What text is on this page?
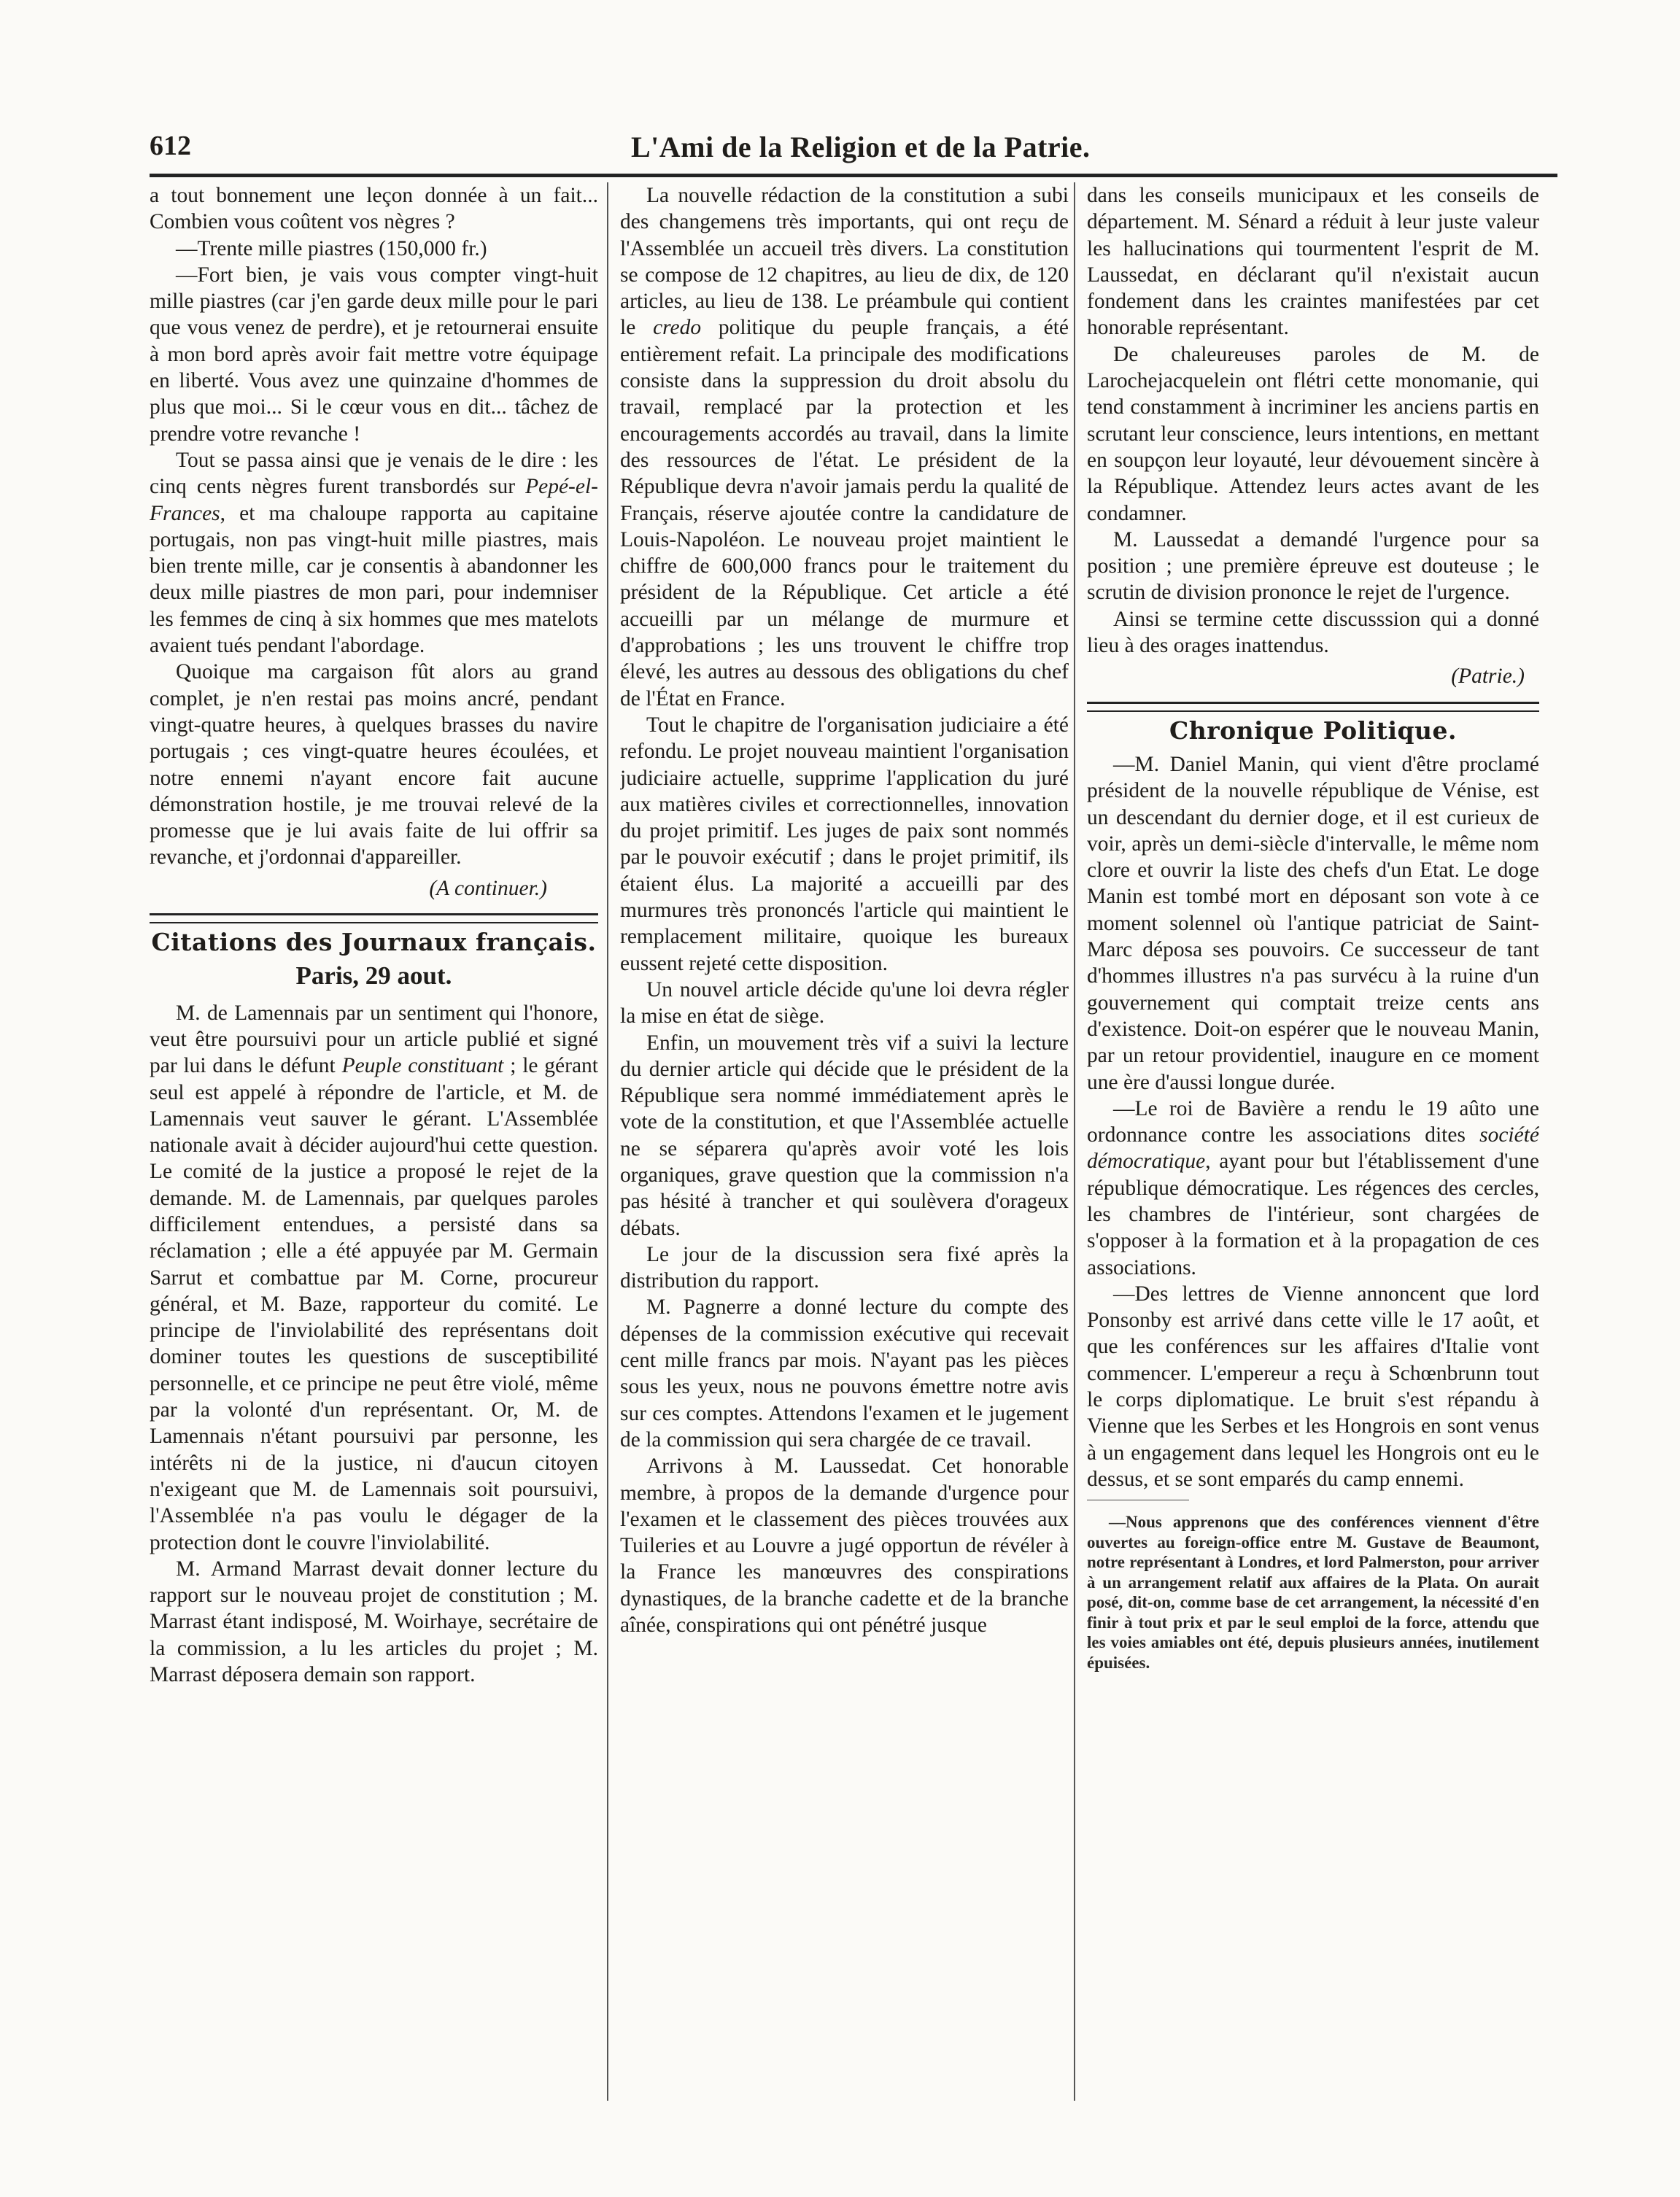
612	L'Ami de la Religion et de la Patrie.

a tout bonnement une leçon donnée à un fait... Combien vous coûtent vos nègres ?

—Trente mille piastres (150,000 fr.)

—Fort bien, je vais vous compter vingt-huit mille piastres (car j'en garde deux mille pour le pari que vous venez de perdre), et je retournerai ensuite à mon bord après avoir fait mettre votre équipage en liberté. Vous avez une quinzaine d'hommes de plus que moi... Si le cœur vous en dit... tâchez de prendre votre revanche !

Tout se passa ainsi que je venais de le dire : les cinq cents nègres furent transbordés sur Pepé-el-Frances, et ma chaloupe rapporta au capitaine portugais, non pas vingt-huit mille piastres, mais bien trente mille, car je consentis à abandonner les deux mille piastres de mon pari, pour indemniser les femmes de cinq à six hommes que mes matelots avaient tués pendant l'abordage.

Quoique ma cargaison fût alors au grand complet, je n'en restai pas moins ancré, pendant vingt-quatre heures, à quelques brasses du navire portugais ; ces vingt-quatre heures écoulées, et notre ennemi n'ayant encore fait aucune démonstration hostile, je me trouvai relevé de la promesse que je lui avais faite de lui offrir sa revanche, et j'ordonnai d'appareiller.

(A continuer.)

Citations des Journaux français.

Paris, 29 aout.

M. de Lamennais par un sentiment qui l'honore, veut être poursuivi pour un article publié et signé par lui dans le défunt Peuple constituant ; le gérant seul est appelé à répondre de l'article, et M. de Lamennais veut sauver le gérant. L'Assemblée nationale avait à décider aujourd'hui cette question. Le comité de la justice a proposé le rejet de la demande. M. de Lamennais, par quelques paroles difficilement entendues, a persisté dans sa réclamation ; elle a été appuyée par M. Germain Sarrut et combattue par M. Corne, procureur général, et M. Baze, rapporteur du comité. Le principe de l'inviolabilité des représentans doit dominer toutes les questions de susceptibilité personnelle, et ce principe ne peut être violé, même par la volonté d'un représentant. Or, M. de Lamennais n'étant poursuivi par personne, les intérêts ni de la justice, ni d'aucun citoyen n'exigeant que M. de Lamennais soit poursuivi, l'Assemblée n'a pas voulu le dégager de la protection dont le couvre l'inviolabilité.

M. Armand Marrast devait donner lecture du rapport sur le nouveau projet de constitution ; M. Marrast étant indisposé, M. Woirhaye, secrétaire de la commission, a lu les articles du projet ; M. Marrast déposera demain son rapport.

La nouvelle rédaction de la constitution a subi des changemens très importants, qui ont reçu de l'Assemblée un accueil très divers. La constitution se compose de 12 chapitres, au lieu de dix, de 120 articles, au lieu de 138. Le préambule qui contient le credo politique du peuple français, a été entièrement refait. La principale des modifications consiste dans la suppression du droit absolu du travail, remplacé par la protection et les encouragements accordés au travail, dans la limite des ressources de l'état. Le président de la République devra n'avoir jamais perdu la qualité de Français, réserve ajoutée contre la candidature de Louis-Napoléon. Le nouveau projet maintient le chiffre de 600,000 francs pour le traitement du président de la République. Cet article a été accueilli par un mélange de murmure et d'approbations ; les uns trouvent le chiffre trop élevé, les autres au dessous des obligations du chef de l'État en France.

Tout le chapitre de l'organisation judiciaire a été refondu. Le projet nouveau maintient l'organisation judiciaire actuelle, supprime l'application du juré aux matières civiles et correctionnelles, innovation du projet primitif. Les juges de paix sont nommés par le pouvoir exécutif ; dans le projet primitif, ils étaient élus. La majorité a accueilli par des murmures très prononcés l'article qui maintient le remplacement militaire, quoique les bureaux eussent rejeté cette disposition.

Un nouvel article décide qu'une loi devra régler la mise en état de siège.

Enfin, un mouvement très vif a suivi la lecture du dernier article qui décide que le président de la République sera nommé immédiatement après le vote de la constitution, et que l'Assemblée actuelle ne se séparera qu'après avoir voté les lois organiques, grave question que la commission n'a pas hésité à trancher et qui soulèvera d'orageux débats.

Le jour de la discussion sera fixé après la distribution du rapport.

M. Pagnerre a donné lecture du compte des dépenses de la commission exécutive qui recevait cent mille francs par mois. N'ayant pas les pièces sous les yeux, nous ne pouvons émettre notre avis sur ces comptes. Attendons l'examen et le jugement de la commission qui sera chargée de ce travail.

Arrivons à M. Laussedat. Cet honorable membre, à propos de la demande d'urgence pour l'examen et le classement des pièces trouvées aux Tuileries et au Louvre a jugé opportun de révéler à la France les manœuvres des conspirations dynastiques, de la branche cadette et de la branche aînée, conspirations qui ont pénétré jusque

dans les conseils municipaux et les conseils de département. M. Sénard a réduit à leur juste valeur les hallucinations qui tourmentent l'esprit de M. Laussedat, en déclarant qu'il n'existait aucun fondement dans les craintes manifestées par cet honorable représentant.

De chaleureuses paroles de M. de Larochejacquelein ont flétri cette monomanie, qui tend constamment à incriminer les anciens partis en scrutant leur conscience, leurs intentions, en mettant en soupçon leur loyauté, leur dévouement sincère à la République. Attendez leurs actes avant de les condamner.

M. Laussedat a demandé l'urgence pour sa position ; une première épreuve est douteuse ; le scrutin de division prononce le rejet de l'urgence.

Ainsi se termine cette discusssion qui a donné lieu à des orages inattendus.

(Patrie.)

Chronique Politique.

—M. Daniel Manin, qui vient d'être proclamé président de la nouvelle république de Vénise, est un descendant du dernier doge, et il est curieux de voir, après un demi-siècle d'intervalle, le même nom clore et ouvrir la liste des chefs d'un Etat. Le doge Manin est tombé mort en déposant son vote à ce moment solennel où l'antique patriciat de Saint-Marc déposa ses pouvoirs. Ce successeur de tant d'hommes illustres n'a pas survécu à la ruine d'un gouvernement qui comptait treize cents ans d'existence. Doit-on espérer que le nouveau Manin, par un retour providentiel, inaugure en ce moment une ère d'aussi longue durée.

—Le roi de Bavière a rendu le 19 aûto une ordonnance contre les associations dites société démocratique, ayant pour but l'établissement d'une république démocratique. Les régences des cercles, les chambres de l'intérieur, sont chargées de s'opposer à la formation et à la propagation de ces associations.

—Des lettres de Vienne annoncent que lord Ponsonby est arrivé dans cette ville le 17 août, et que les conférences sur les affaires d'Italie vont commencer. L'empereur a reçu à Schœnbrunn tout le corps diplomatique. Le bruit s'est répandu à Vienne que les Serbes et les Hongrois en sont venus à un engagement dans lequel les Hongrois ont eu le dessus, et se sont emparés du camp ennemi.

—Nous apprenons que des conférences viennent d'être ouvertes au foreign-office entre M. Gustave de Beaumont, notre représentant à Londres, et lord Palmerston, pour arriver à un arrangement relatif aux affaires de la Plata. On aurait posé, dit-on, comme base de cet arrangement, la nécessité d'en finir à tout prix et par le seul emploi de la force, attendu que les voies amiables ont été, depuis plusieurs années, inutilement épuisées.
